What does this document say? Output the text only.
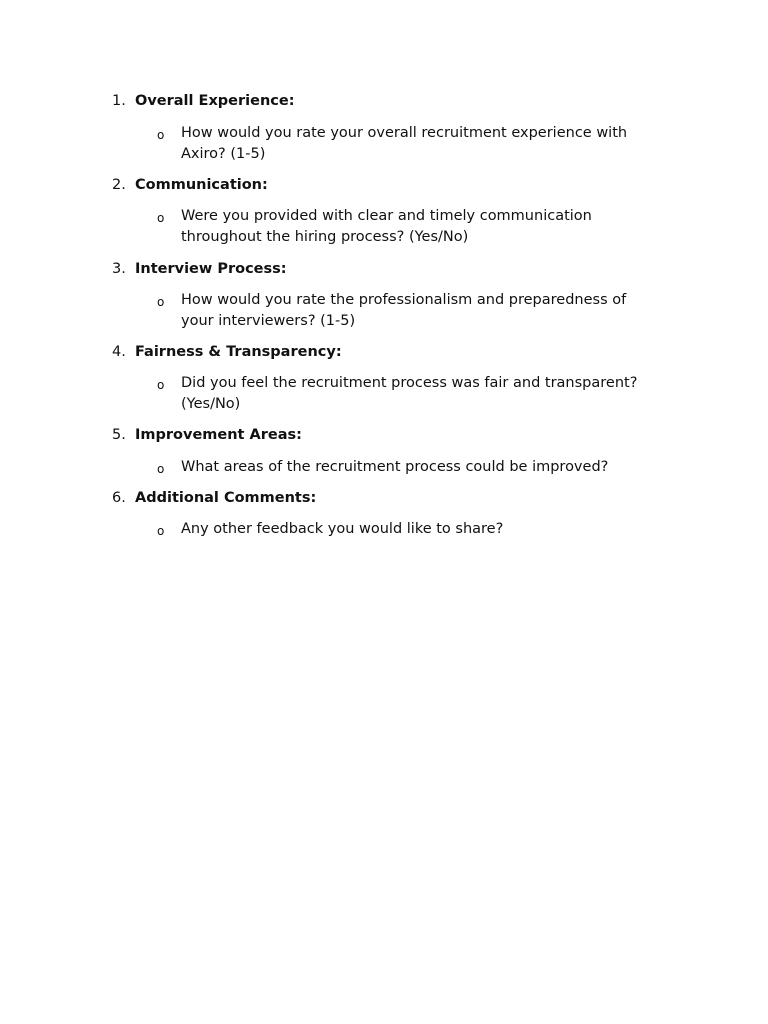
1. Overall Experience:
o How would you rate your overall recruitment experience with Axiro? (1-5)
2. Communication:
o Were you provided with clear and timely communication throughout the hiring process? (Yes/No)
3. Interview Process:
o How would you rate the professionalism and preparedness of your interviewers? (1-5)
4. Fairness & Transparency:
o Did you feel the recruitment process was fair and transparent? (Yes/No)
5. Improvement Areas:
o What areas of the recruitment process could be improved?
6. Additional Comments:
o Any other feedback you would like to share?
